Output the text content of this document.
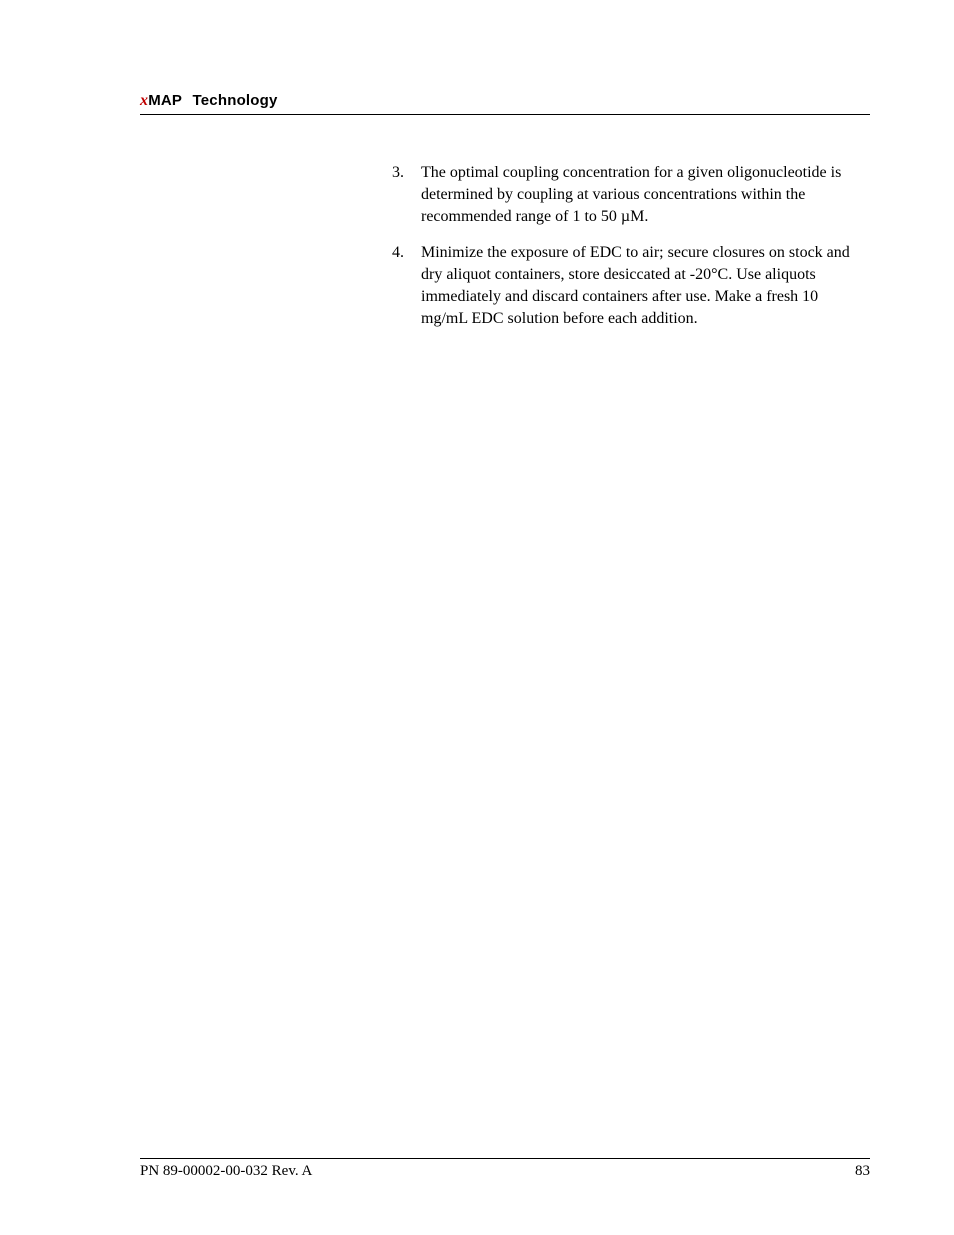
xMAP Technology
3. The optimal coupling concentration for a given oligonucleotide is determined by coupling at various concentrations within the recommended range of 1 to 50 µM.
4. Minimize the exposure of EDC to air; secure closures on stock and dry aliquot containers, store desiccated at -20°C. Use aliquots immediately and discard containers after use. Make a fresh 10 mg/mL EDC solution before each addition.
PN 89-00002-00-032 Rev. A	83
